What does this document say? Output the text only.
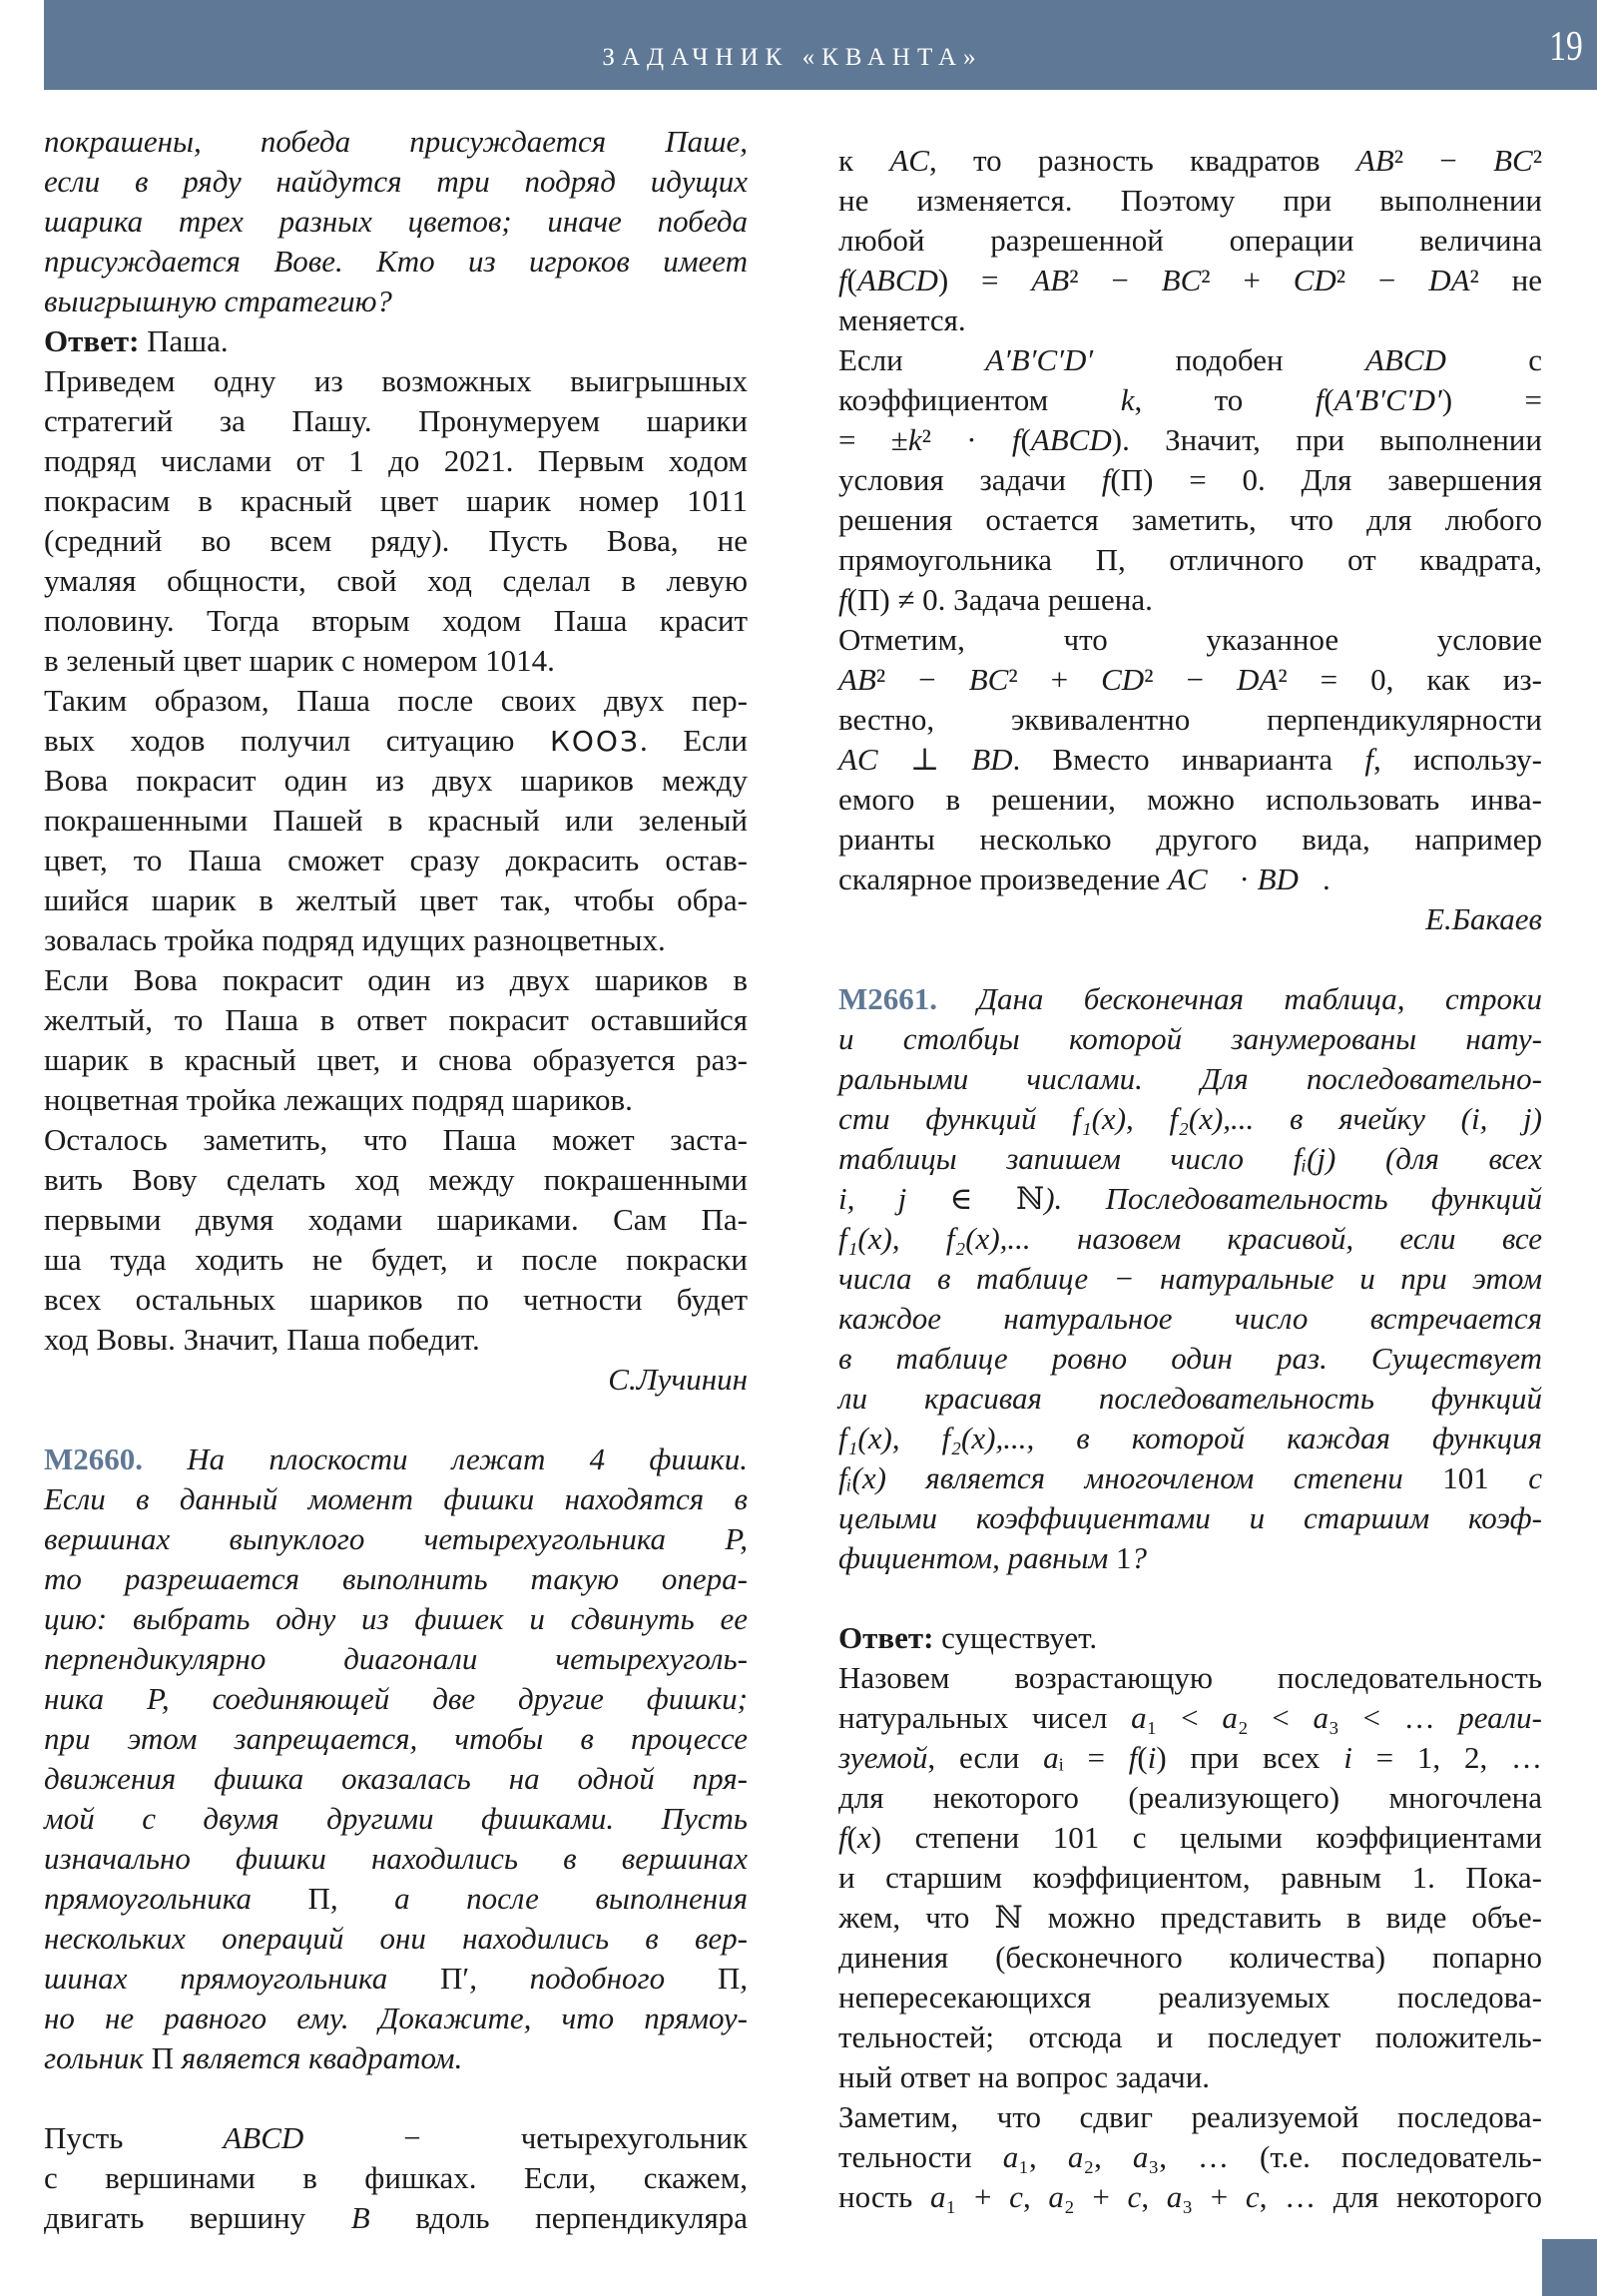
ЗАДАЧНИК «КВАНТА»	19
покрашены, победа присуждается Паше,
если в ряду найдутся три подряд идущих
шарика трех разных цветов; иначе победа
присуждается Вове. Кто из игроков имеет
выигрышную стратегию?
Ответ: Паша.
Приведем одну из возможных выигрышных
стратегий за Пашу. Пронумеруем шарики
подряд числами от 1 до 2021. Первым ходом
покрасим в красный цвет шарик номер 1011
(средний во всем ряду). Пусть Вова, не
умаляя общности, свой ход сделал в левую
половину. Тогда вторым ходом Паша красит
в зеленый цвет шарик с номером 1014.
Таким образом, Паша после своих двух пер-
вых ходов получил ситуацию КООЗ. Если
Вова покрасит один из двух шариков между
покрашенными Пашей в красный или зеленый
цвет, то Паша сможет сразу докрасить остав-
шийся шарик в желтый цвет так, чтобы обра-
зовалась тройка подряд идущих разноцветных.
Если Вова покрасит один из двух шариков в
желтый, то Паша в ответ покрасит оставшийся
шарик в красный цвет, и снова образуется раз-
ноцветная тройка лежащих подряд шариков.
Осталось заметить, что Паша может заста-
вить Вову сделать ход между покрашенными
первыми двумя ходами шариками. Сам Па-
ша туда ходить не будет, и после покраски
всех остальных шариков по четности будет
ход Вовы. Значит, Паша победит.
С.Лучинин
M2660. На плоскости лежат 4 фишки.
Если в данный момент фишки находятся в
вершинах выпуклого четырехугольника P,
то разрешается выполнить такую опера-
цию: выбрать одну из фишек и сдвинуть ее
перпендикулярно диагонали четырехуголь-
ника P, соединяющей две другие фишки;
при этом запрещается, чтобы в процессе
движения фишка оказалась на одной пря-
мой с двумя другими фишками. Пусть
изначально фишки находились в вершинах
прямоугольника Π, а после выполнения
нескольких операций они находились в вер-
шинах прямоугольника Π′, подобного Π,
но не равного ему. Докажите, что прямоу-
гольник Π является квадратом.
Пусть ABCD − четырехугольник
с вершинами в фишках. Если, скажем,
двигать вершину B вдоль перпендикуляра
к AC, то разность квадратов AB² − BC²
не изменяется. Поэтому при выполнении
любой разрешенной операции величина
f(ABCD) = AB² − BC² + CD² − DA² не
меняется.
Если A′B′C′D′ подобен ABCD с
коэффициентом k, то f(A′B′C′D′) =
= ±k² · f(ABCD). Значит, при выполнении
условия задачи f(Π) = 0. Для завершения
решения остается заметить, что для любого
прямоугольника Π, отличного от квадрата,
f(Π) ≠ 0. Задача решена.
Отметим, что указанное условие
AB² − BC² + CD² − DA² = 0, как из-
вестно, эквивалентно перпендикулярности
AC ⊥ BD. Вместо инварианта f, использу-
емого в решении, можно использовать инва-
рианты несколько другого вида, например
скалярное произведение AC⃗ · BD⃗.
Е.Бакаев
M2661. Дана бесконечная таблица, строки
и столбцы которой занумерованы нату-
ральными числами. Для последовательно-
сти функций f₁(x), f₂(x),... в ячейку (i, j)
таблицы запишем число fᵢ(j) (для всех
i, j ∈ ℕ). Последовательность функций
f₁(x), f₂(x),... назовем красивой, если все
числа в таблице − натуральные и при этом
каждое натуральное число встречается
в таблице ровно один раз. Существует
ли красивая последовательность функций
f₁(x), f₂(x),..., в которой каждая функция
fᵢ(x) является многочленом степени 101 с
целыми коэффициентами и старшим коэф-
фициентом, равным 1?
Ответ: существует.
Назовем возрастающую последовательность
натуральных чисел a₁ < a₂ < a₃ < … реали-
зуемой, если aᵢ = f(i) при всех i = 1, 2, …
для некоторого (реализующего) многочлена
f(x) степени 101 с целыми коэффициентами
и старшим коэффициентом, равным 1. Пока-
жем, что ℕ можно представить в виде объе-
динения (бесконечного количества) попарно
непересекающихся реализуемых последова-
тельностей; отсюда и последует положитель-
ный ответ на вопрос задачи.
Заметим, что сдвиг реализуемой последова-
тельности a₁, a₂, a₃, … (т.е. последователь-
ность a₁ + c, a₂ + c, a₃ + c, … для некоторого
